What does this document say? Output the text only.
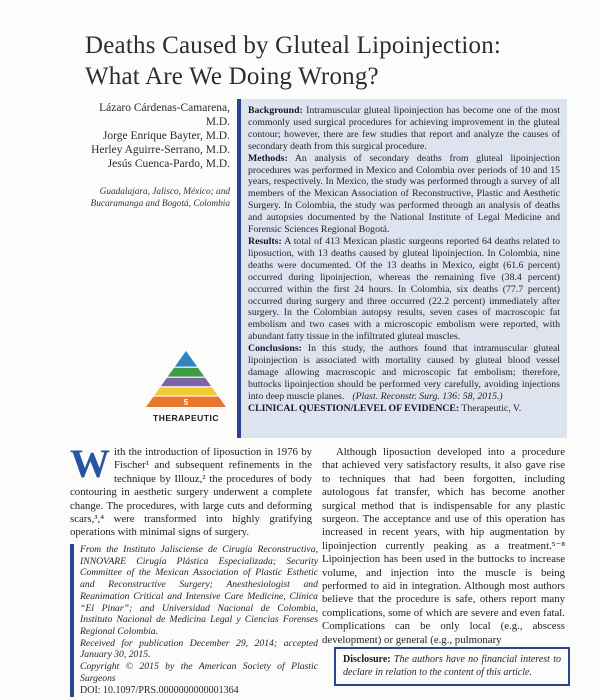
Deaths Caused by Gluteal Lipoinjection:
What Are We Doing Wrong?

Lázaro Cárdenas-Camarena, M.D.

Jorge Enrique Bayter, M.D.

Herley Aguirre-Serrano, M.D.

Jesús Cuenca-Pardo, M.D.

Guadalajara, Jalisco, México; and Bucaramanga and Bogotá, Colombia

Background: Intramuscular gluteal lipoinjection has become one of the most commonly used surgical procedures for achieving improvement in the gluteal contour; however, there are few studies that report and analyze the causes of secondary death from this surgical procedure.

Methods: An analysis of secondary deaths from gluteal lipoinjection procedures was performed in Mexico and Colombia over periods of 10 and 15 years, respectively. In Mexico, the study was performed through a survey of all members of the Mexican Association of Reconstructive, Plastic and Aesthetic Surgery. In Colombia, the study was performed through an analysis of deaths and autopsies documented by the National Institute of Legal Medicine and Forensic Sciences Regional Bogotá.

Results: A total of 413 Mexican plastic surgeons reported 64 deaths related to liposuction, with 13 deaths caused by gluteal lipoinjection. In Colombia, nine deaths were documented. Of the 13 deaths in Mexico, eight (61.6 percent) occurred during lipoinjection, whereas the remaining five (38.4 percent) occurred within the first 24 hours. In Colombia, six deaths (77.7 percent) occurred during surgery and three occurred (22.2 percent) immediately after surgery. In the Colombian autopsy results, seven cases of macroscopic fat embolism and two cases with a microscopic embolism were reported, with abundant fatty tissue in the infiltrated gluteal muscles.

Conclusions: In this study, the authors found that intramuscular gluteal lipoinjection is associated with mortality caused by gluteal blood vessel damage allowing macroscopic and microscopic fat embolism; therefore, buttocks lipoinjection should be performed very carefully, avoiding injections into deep muscle planes. (Plast. Reconstr. Surg. 136: 58, 2015.)

CLINICAL QUESTION/LEVEL OF EVIDENCE: Therapeutic, V.

5
THERAPEUTIC

With the introduction of liposuction in 1976 by Fischer¹ and subsequent refinements in the technique by Illouz,² the procedures of body contouring in aesthetic surgery underwent a complete change. The procedures, with large cuts and deforming scars,³,⁴ were transformed into highly gratifying operations with minimal signs of surgery.

From the Instituto Jalisciense de Cirugía Reconstructiva, INNOVARE Cirugía Plástica Especializada; Security Committee of the Mexican Association of Plastic Esthetic and Reconstructive Surgery; Anesthesiologist and Reanimation Critical and Intensive Care Medicine, Clínica “El Pinar”; and Universidad Nacional de Colombia, Instituto Nacional de Medicina Legal y Ciencias Forenses Regional Colombia.

Received for publication December 29, 2014; accepted January 30, 2015.

Copyright © 2015 by the American Society of Plastic Surgeons

DOI: 10.1097/PRS.0000000000001364

Although liposuction developed into a procedure that achieved very satisfactory results, it also gave rise to techniques that had been forgotten, including autologous fat transfer, which has become another surgical method that is indispensable for any plastic surgeon. The acceptance and use of this operation has increased in recent years, with hip augmentation by lipoinjection currently peaking as a treatment.⁵⁻⁸ Lipoinjection has been used in the buttocks to increase volume, and injection into the muscle is being performed to aid in integration. Although most authors believe that the procedure is safe, others report many complications, some of which are severe and even fatal. Complications can be only local (e.g., abscess development) or general (e.g., pulmonary

Disclosure: The authors have no financial interest to declare in relation to the content of this article.
